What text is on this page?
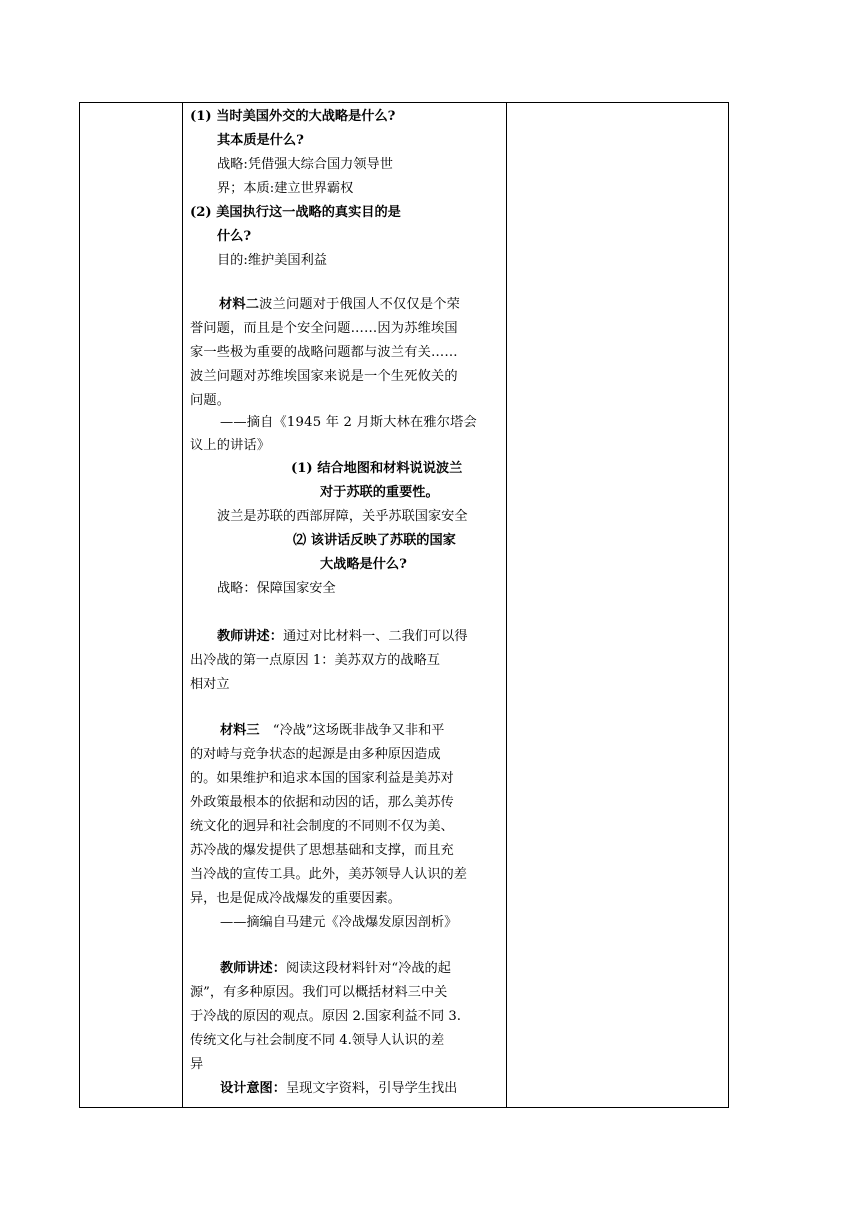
(1) 当时美国外交的大战略是什么?
其本质是什么?
战略:凭借强大综合国力领导世
界；本质:建立世界霸权
(2) 美国执行这一战略的真实目的是
什么?
目的:维护美国利益
材料二波兰问题对于俄国人不仅仅是个荣
誉问题，而且是个安全问题……因为苏维埃国
家一些极为重要的战略问题都与波兰有关……
波兰问题对苏维埃国家来说是一个生死攸关的
问题。
——摘自《1945 年 2 月斯大林在雅尔塔会
议上的讲话》
(1) 结合地图和材料说说波兰
对于苏联的重要性。
波兰是苏联的西部屏障，关乎苏联国家安全
⑵ 该讲话反映了苏联的国家
大战略是什么?
战略：保障国家安全
教师讲述：通过对比材料一、二我们可以得
出冷战的第一点原因 1：美苏双方的战略互
相对立
材料三　“冷战”这场既非战争又非和平
的对峙与竞争状态的起源是由多种原因造成
的。如果维护和追求本国的国家利益是美苏对
外政策最根本的依据和动因的话，那么美苏传
统文化的迥异和社会制度的不同则不仅为美、
苏冷战的爆发提供了思想基础和支撑，而且充
当冷战的宣传工具。此外，美苏领导人认识的差
异，也是促成冷战爆发的重要因素。
——摘编自马建元《冷战爆发原因剖析》
教师讲述：阅读这段材料针对“冷战的起
源”，有多种原因。我们可以概括材料三中关
于冷战的原因的观点。原因 2.国家利益不同 3.
传统文化与社会制度不同 4.领导人认识的差
异
设计意图：呈现文字资料，引导学生找出
